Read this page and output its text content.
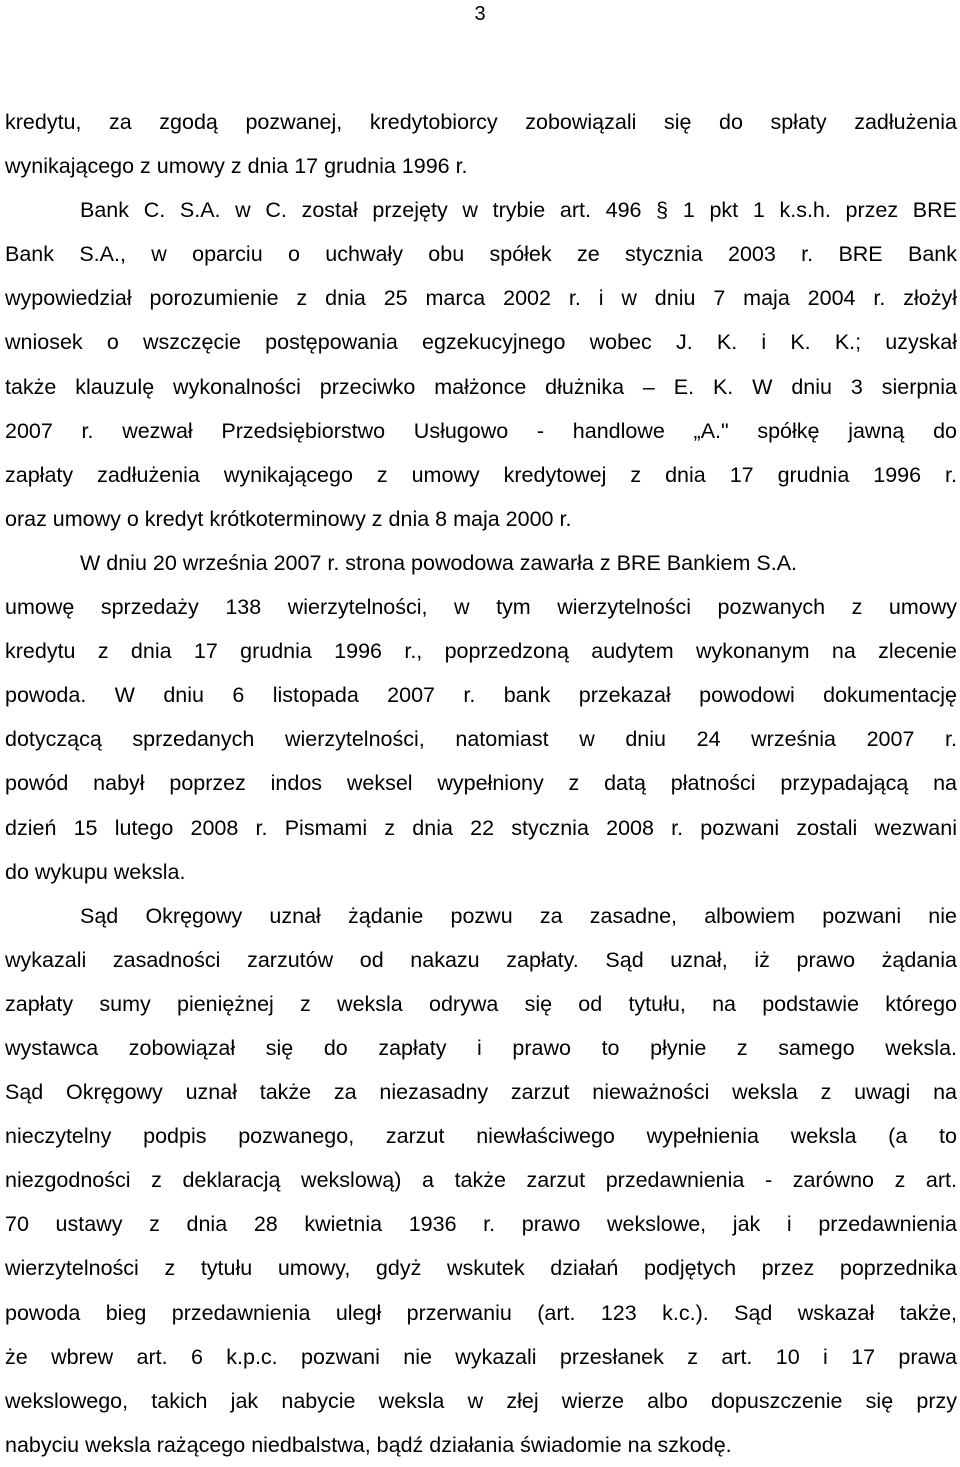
3
kredytu, za zgodą pozwanej, kredytobiorcy zobowiązali się do spłaty zadłużenia
wynikającego z umowy z dnia 17 grudnia 1996 r.
Bank C. S.A. w C. został przejęty w trybie art. 496 § 1 pkt 1 k.s.h. przez BRE
Bank S.A., w oparciu o uchwały obu spółek ze stycznia 2003 r. BRE Bank
wypowiedział porozumienie z dnia 25 marca 2002 r. i w dniu 7 maja 2004 r. złożył
wniosek o wszczęcie postępowania egzekucyjnego wobec J. K. i K. K.; uzyskał
także klauzulę wykonalności przeciwko małżonce dłużnika – E. K. W dniu 3 sierpnia
2007 r. wezwał Przedsiębiorstwo Usługowo - handlowe „A." spółkę jawną do
zapłaty zadłużenia wynikającego z umowy kredytowej z dnia 17 grudnia 1996 r.
oraz umowy o kredyt krótkoterminowy z dnia 8 maja 2000 r.
W dniu 20 września 2007 r. strona powodowa zawarła z BRE Bankiem S.A.
umowę sprzedaży 138 wierzytelności, w tym wierzytelności pozwanych z umowy
kredytu z dnia 17 grudnia 1996 r., poprzedzoną audytem wykonanym na zlecenie
powoda. W dniu 6 listopada 2007 r. bank przekazał powodowi dokumentację
dotyczącą sprzedanych wierzytelności, natomiast w dniu 24 września 2007 r.
powód nabył poprzez indos weksel wypełniony z datą płatności przypadającą na
dzień 15 lutego 2008 r. Pismami z dnia 22 stycznia 2008 r. pozwani zostali wezwani
do wykupu weksla.
Sąd Okręgowy uznał żądanie pozwu za zasadne, albowiem pozwani nie
wykazali zasadności zarzutów od nakazu zapłaty. Sąd uznał, iż prawo żądania
zapłaty sumy pieniężnej z weksla odrywa się od tytułu, na podstawie którego
wystawca zobowiązał się do zapłaty i prawo to płynie z samego weksla.
Sąd Okręgowy uznał także za niezasadny zarzut nieważności weksla z uwagi na
nieczytelny podpis pozwanego, zarzut niewłaściwego wypełnienia weksla (a to
niezgodności z deklaracją wekslową) a także zarzut przedawnienia - zarówno z art.
70 ustawy z dnia 28 kwietnia 1936 r. prawo wekslowe, jak i przedawnienia
wierzytelności z tytułu umowy, gdyż wskutek działań podjętych przez poprzednika
powoda bieg przedawnienia uległ przerwaniu (art. 123 k.c.). Sąd wskazał także,
że wbrew art. 6 k.p.c. pozwani nie wykazali przesłanek z art. 10 i 17 prawa
wekslowego, takich jak nabycie weksla w złej wierze albo dopuszczenie się przy
nabyciu weksla rażącego niedbalstwa, bądź działania świadomie na szkodę.
